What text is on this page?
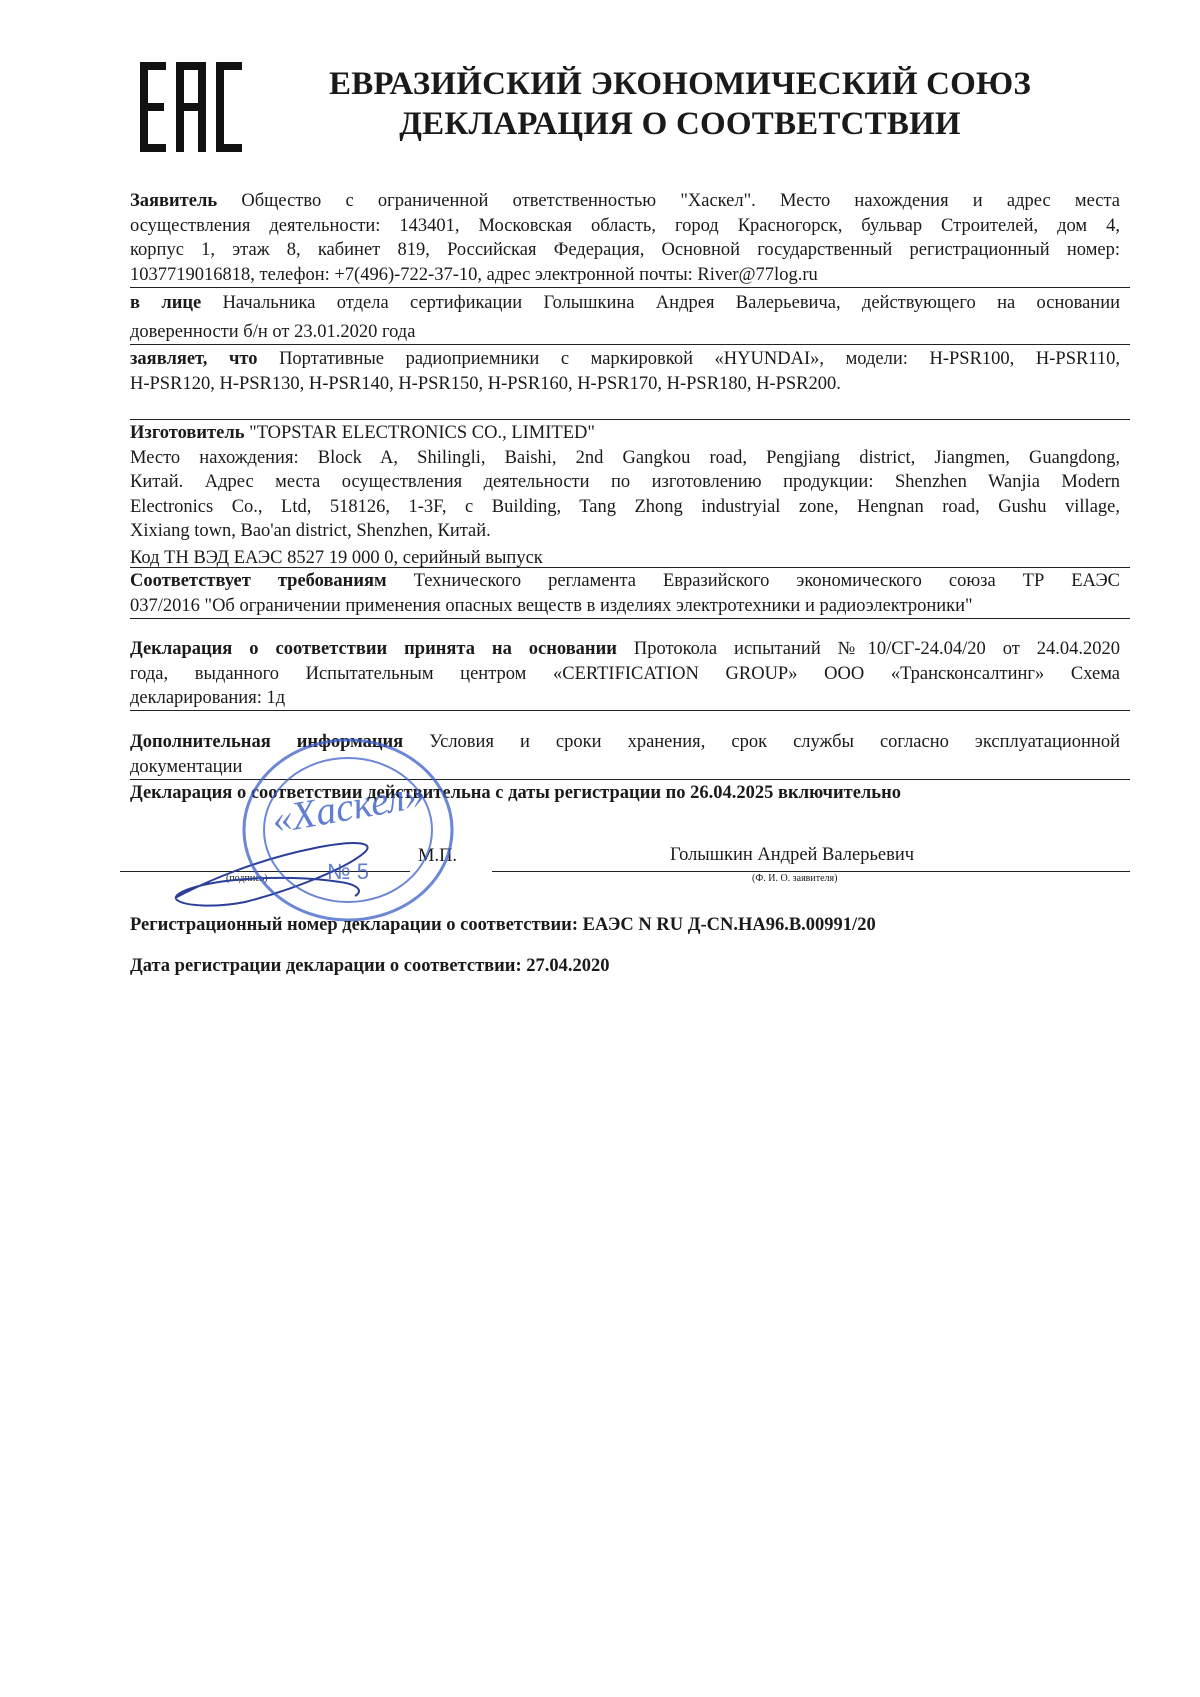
ЕВРАЗИЙСКИЙ ЭКОНОМИЧЕСКИЙ СОЮЗ
ДЕКЛАРАЦИЯ О СООТВЕТСТВИИ
Заявитель Общество с ограниченной ответственностью "Хаскел". Место нахождения и адрес места
осуществления деятельности: 143401, Московская область, город Красногорск, бульвар Строителей, дом 4,
корпус 1, этаж 8, кабинет 819, Российская Федерация, Основной государственный регистрационный номер:
1037719016818, телефон: +7(496)-722-37-10, адрес электронной почты: River@77log.ru
в лице Начальника отдела сертификации Голышкина Андрея Валерьевича, действующего на основании
доверенности б/н от 23.01.2020 года
заявляет, что Портативные радиоприемники с маркировкой «HYUNDAI», модели: H-PSR100, H-PSR110,
H-PSR120, H-PSR130, H-PSR140, H-PSR150, H-PSR160, H-PSR170, H-PSR180, H-PSR200.
Изготовитель "TOPSTAR ELECTRONICS CO., LIMITED"
Место нахождения: Block A, Shilingli, Baishi, 2nd Gangkou road, Pengjiang district, Jiangmen, Guangdong,
Китай. Адрес места осуществления деятельности по изготовлению продукции: Shenzhen Wanjia Modern
Electronics Co., Ltd, 518126, 1-3F, c Building, Tang Zhong industryial zone, Hengnan road, Gushu village,
Xixiang town, Bao'an district, Shenzhen, Китай.
Код ТН ВЭД ЕАЭС 8527 19 000 0, серийный выпуск
Соответствует требованиям Технического регламента Евразийского экономического союза ТР ЕАЭС
037/2016 "Об ограничении применения опасных веществ в изделиях электротехники и радиоэлектроники"
Декларация о соответствии принята на основании Протокола испытаний №10/СГ-24.04/20 от 24.04.2020
года, выданного Испытательным центром «CERTIFICATION GROUP» ООО «Трансконсалтинг» Схема
декларирования: 1д
Дополнительная информация Условия и сроки хранения, срок службы согласно эксплуатационной
документации
Декларация о соответствии действительна с даты регистрации по 26.04.2025 включительно
(подпись)
М.П.	Голышкин Андрей Валерьевич
(Ф. И. О. заявителя)
«Хаскел»
№ 5
Регистрационный номер декларации о соответствии: ЕАЭС N RU Д-CN.НА96.В.00991/20
Дата регистрации декларации о соответствии: 27.04.2020
